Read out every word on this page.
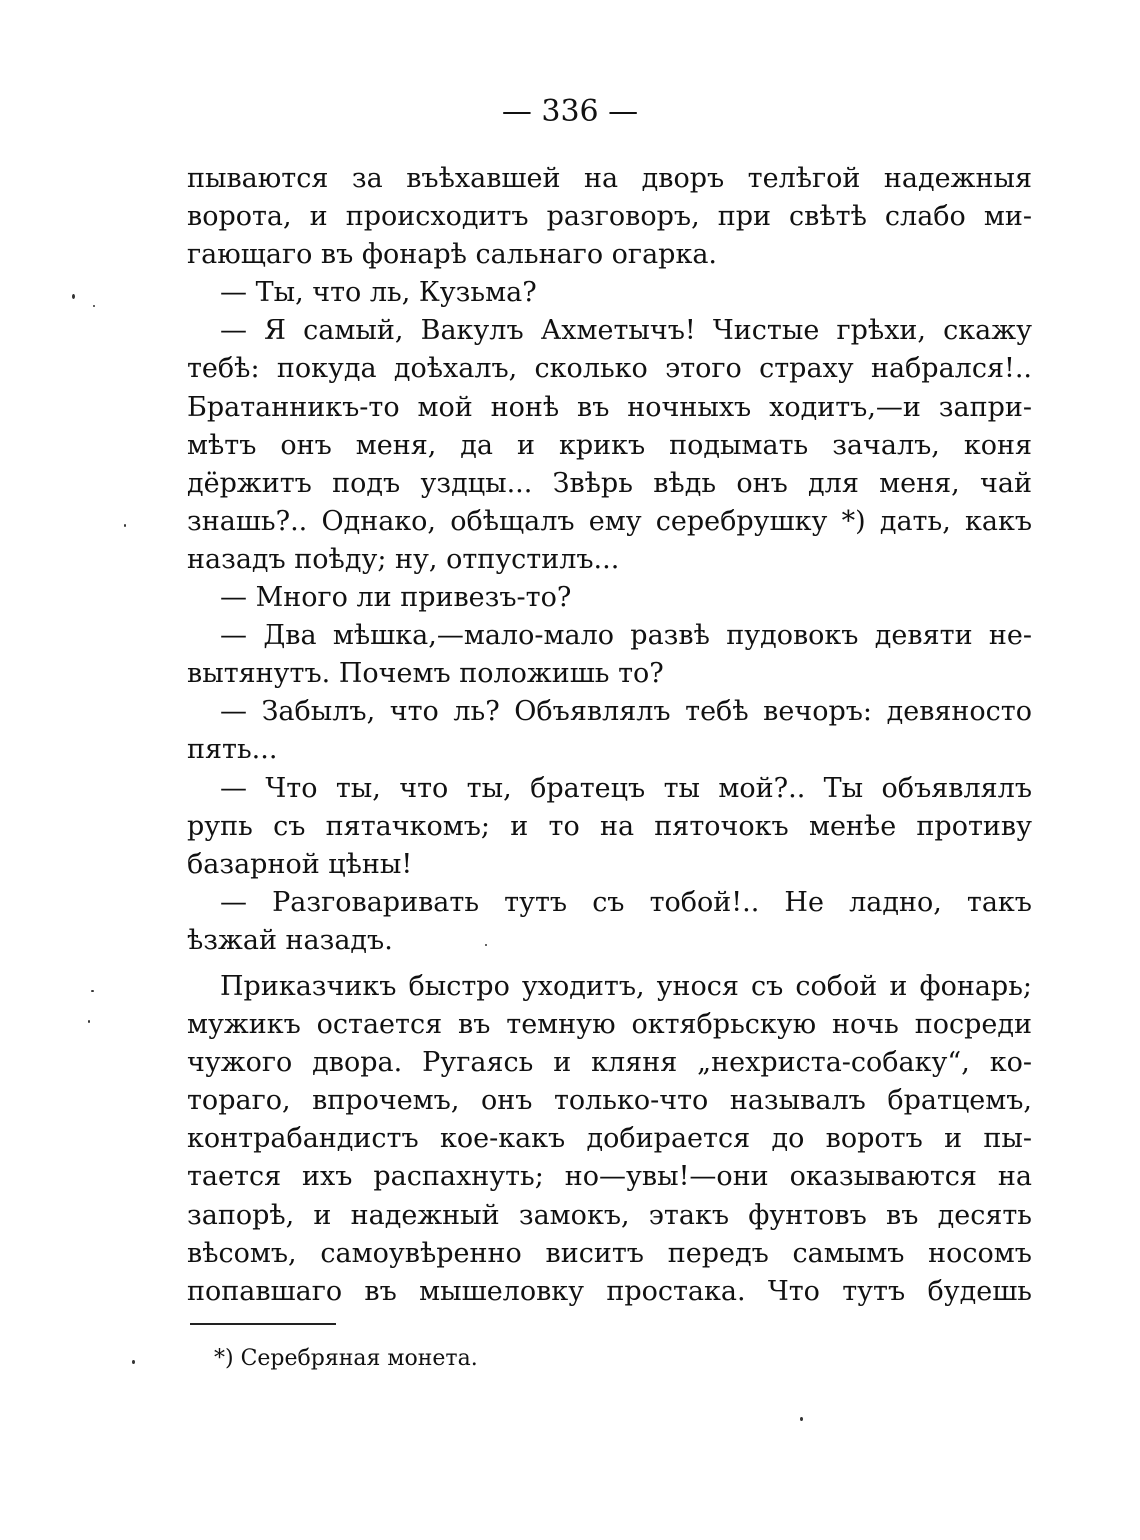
— 336 —
пываются за въѣхавшей на дворъ телѣгой надежныя
ворота, и происходитъ разговоръ, при свѣтѣ слабо ми-
гающаго въ фонарѣ сальнаго огарка.
— Ты, что ль, Кузьма?
— Я самый, Вакулъ Ахметычъ! Чистые грѣхи, скажу
тебѣ: покуда доѣхалъ, сколько этого страху набрался!..
Братанникъ-то мой нонѣ въ ночныхъ ходитъ,—и запри-
мѣтъ онъ меня, да и крикъ подымать зачалъ, коня
дёржитъ подъ уздцы... Звѣрь вѣдь онъ для меня, чай
знашь?.. Однако, обѣщалъ ему серебрушку *) дать, какъ
назадъ поѣду; ну, отпустилъ...
— Много ли привезъ-то?
— Два мѣшка,—мало-мало развѣ пудовокъ девяти не-
вытянутъ. Почемъ положишь то?
— Забылъ, что ль? Объявлялъ тебѣ вечоръ: девяносто
пять...
— Что ты, что ты, братецъ ты мой?.. Ты объявлялъ
рупь съ пятачкомъ; и то на пяточокъ менѣе противу
базарной цѣны!
— Разговаривать тутъ съ тобой!.. Не ладно, такъ
ѣзжай назадъ.
Приказчикъ быстро уходитъ, унося съ собой и фонарь;
мужикъ остается въ темную октябрьскую ночь посреди
чужого двора. Ругаясь и кляня „нехриста-собаку“, ко-
тораго, впрочемъ, онъ только-что называлъ братцемъ,
контрабандистъ кое-какъ добирается до воротъ и пы-
тается ихъ распахнуть; но—увы!—они оказываются на
запорѣ, и надежный замокъ, этакъ фунтовъ въ десять
вѣсомъ, самоувѣренно виситъ передъ самымъ носомъ
попавшаго въ мышеловку простака. Что тутъ будешь
*) Серебряная монета.
